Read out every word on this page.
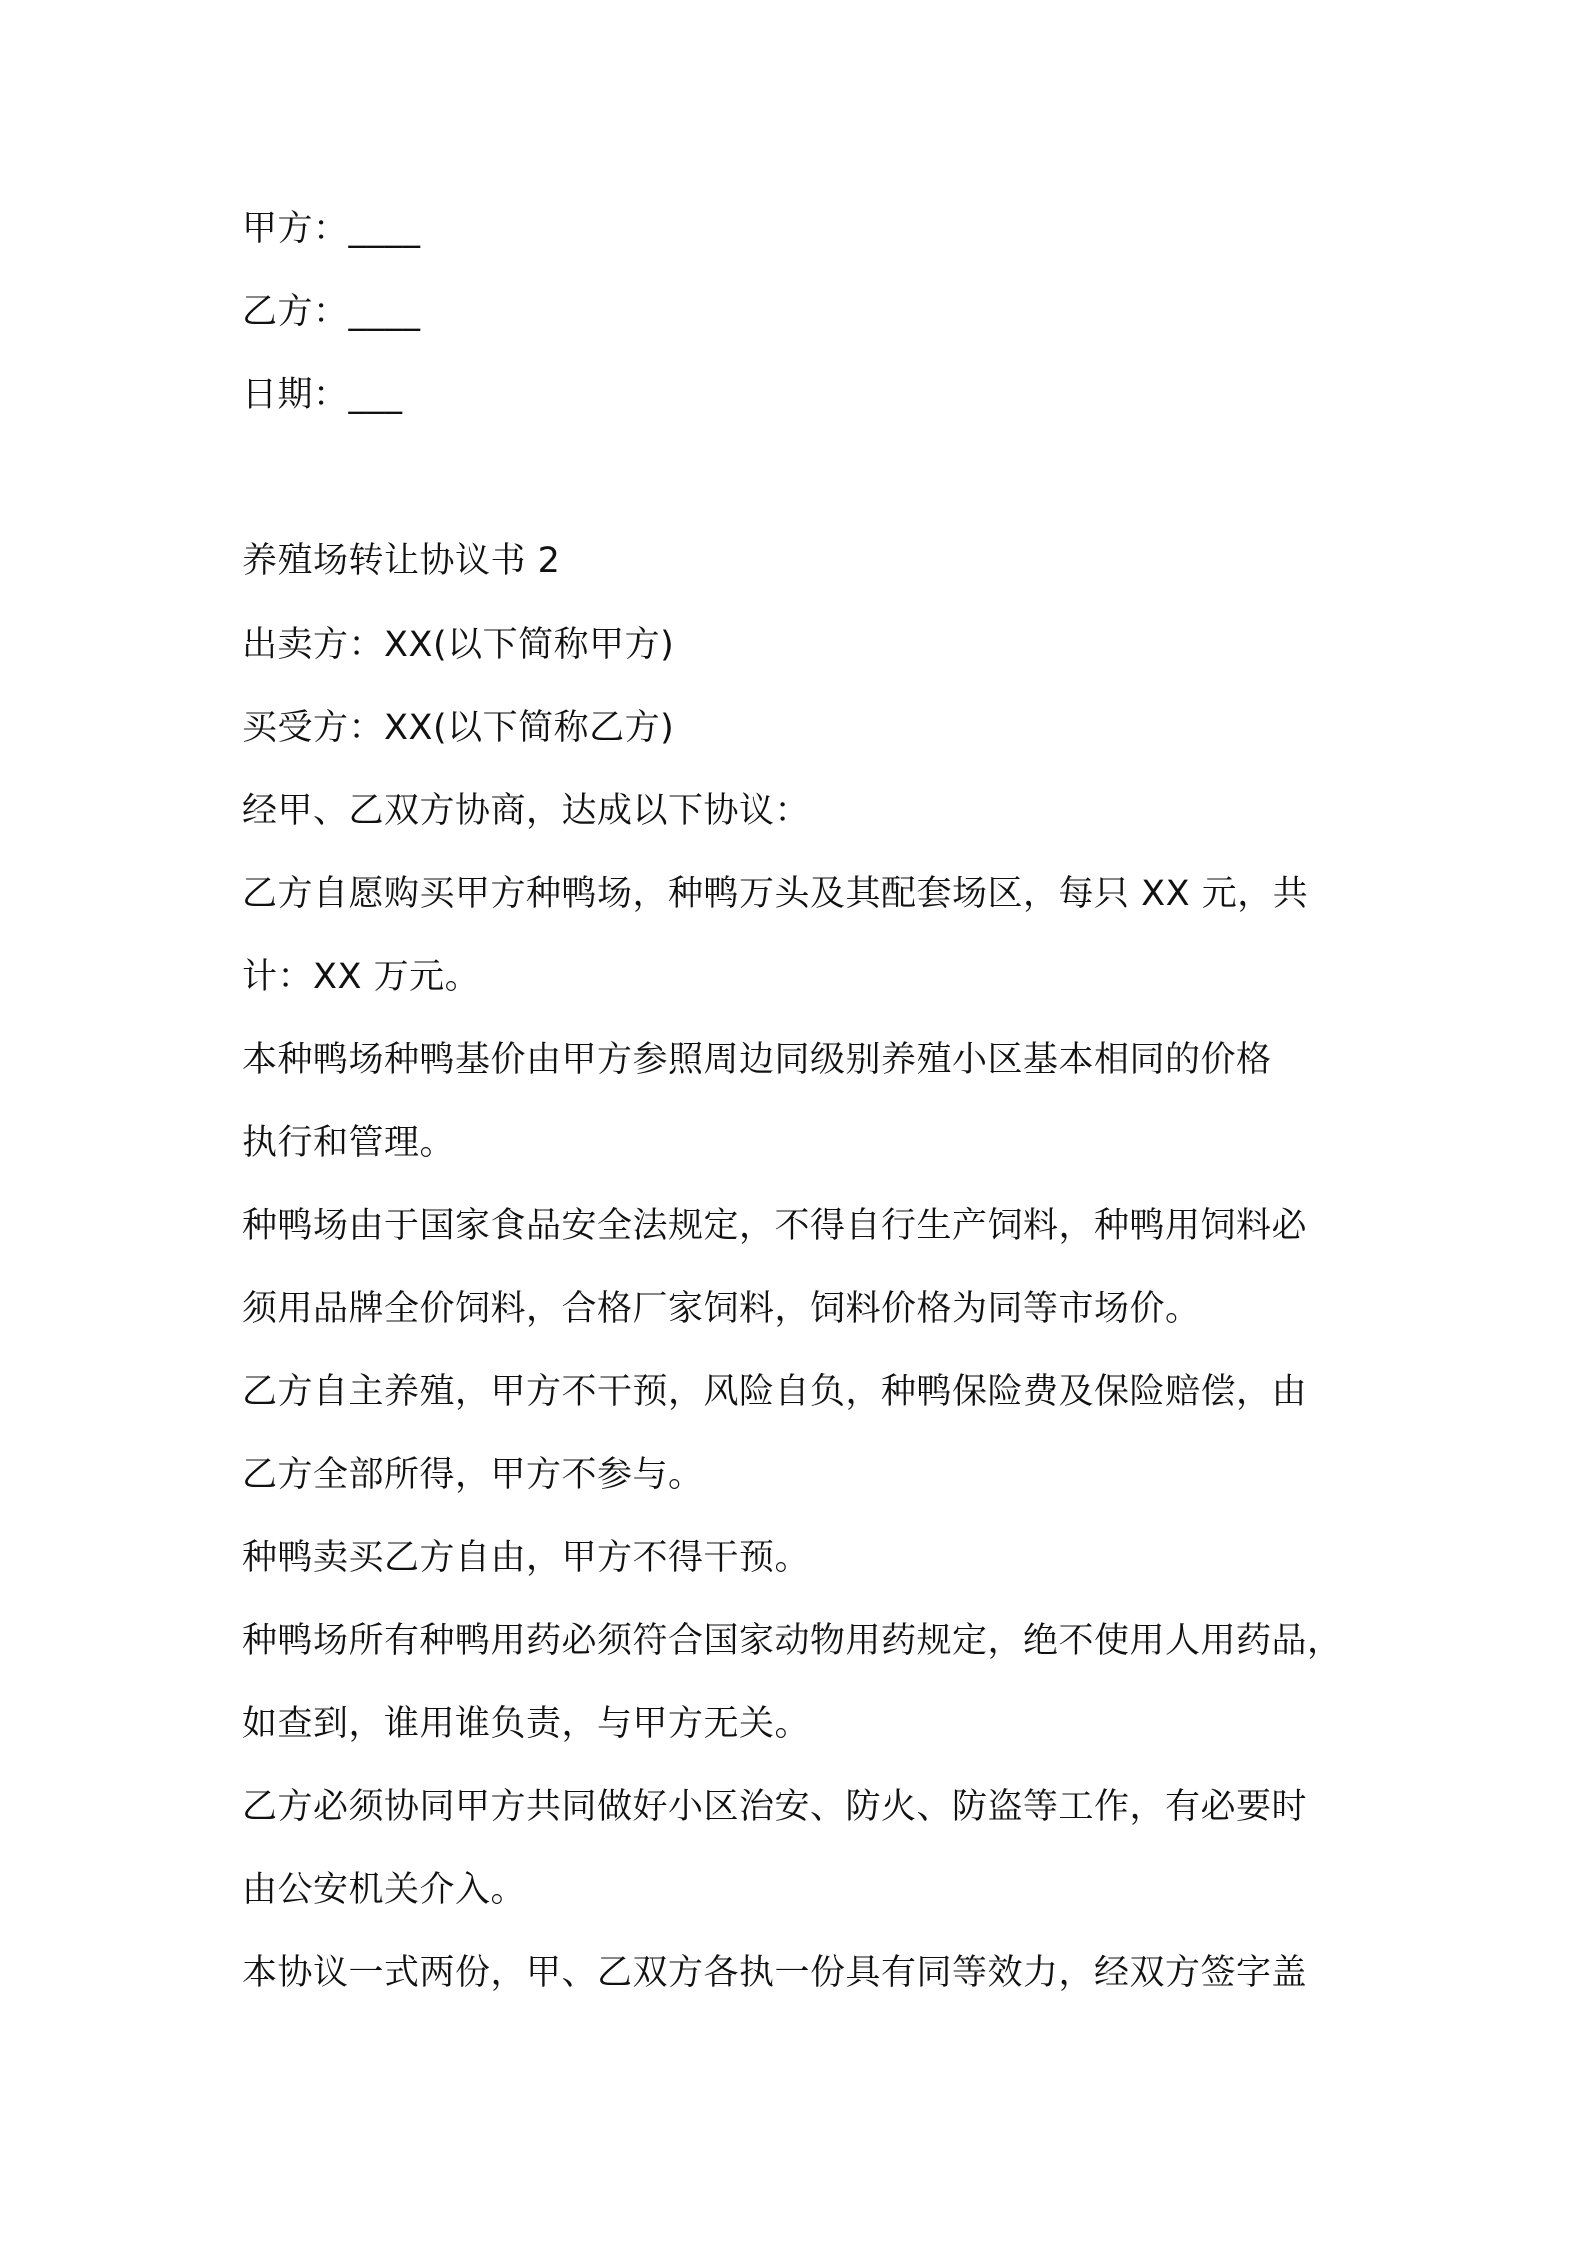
甲方：____
乙方：____
日期：___
养殖场转让协议书 2
出卖方：XX(以下简称甲方)
买受方：XX(以下简称乙方)
经甲、乙双方协商，达成以下协议：
乙方自愿购买甲方种鸭场，种鸭万头及其配套场区，每只 XX 元，共
计：XX 万元。
本种鸭场种鸭基价由甲方参照周边同级别养殖小区基本相同的价格
执行和管理。
种鸭场由于国家食品安全法规定，不得自行生产饲料，种鸭用饲料必
须用品牌全价饲料，合格厂家饲料，饲料价格为同等市场价。
乙方自主养殖，甲方不干预，风险自负，种鸭保险费及保险赔偿，由
乙方全部所得，甲方不参与。
种鸭卖买乙方自由，甲方不得干预。
种鸭场所有种鸭用药必须符合国家动物用药规定，绝不使用人用药品，
如查到，谁用谁负责，与甲方无关。
乙方必须协同甲方共同做好小区治安、防火、防盗等工作，有必要时
由公安机关介入。
本协议一式两份，甲、乙双方各执一份具有同等效力，经双方签字盖
